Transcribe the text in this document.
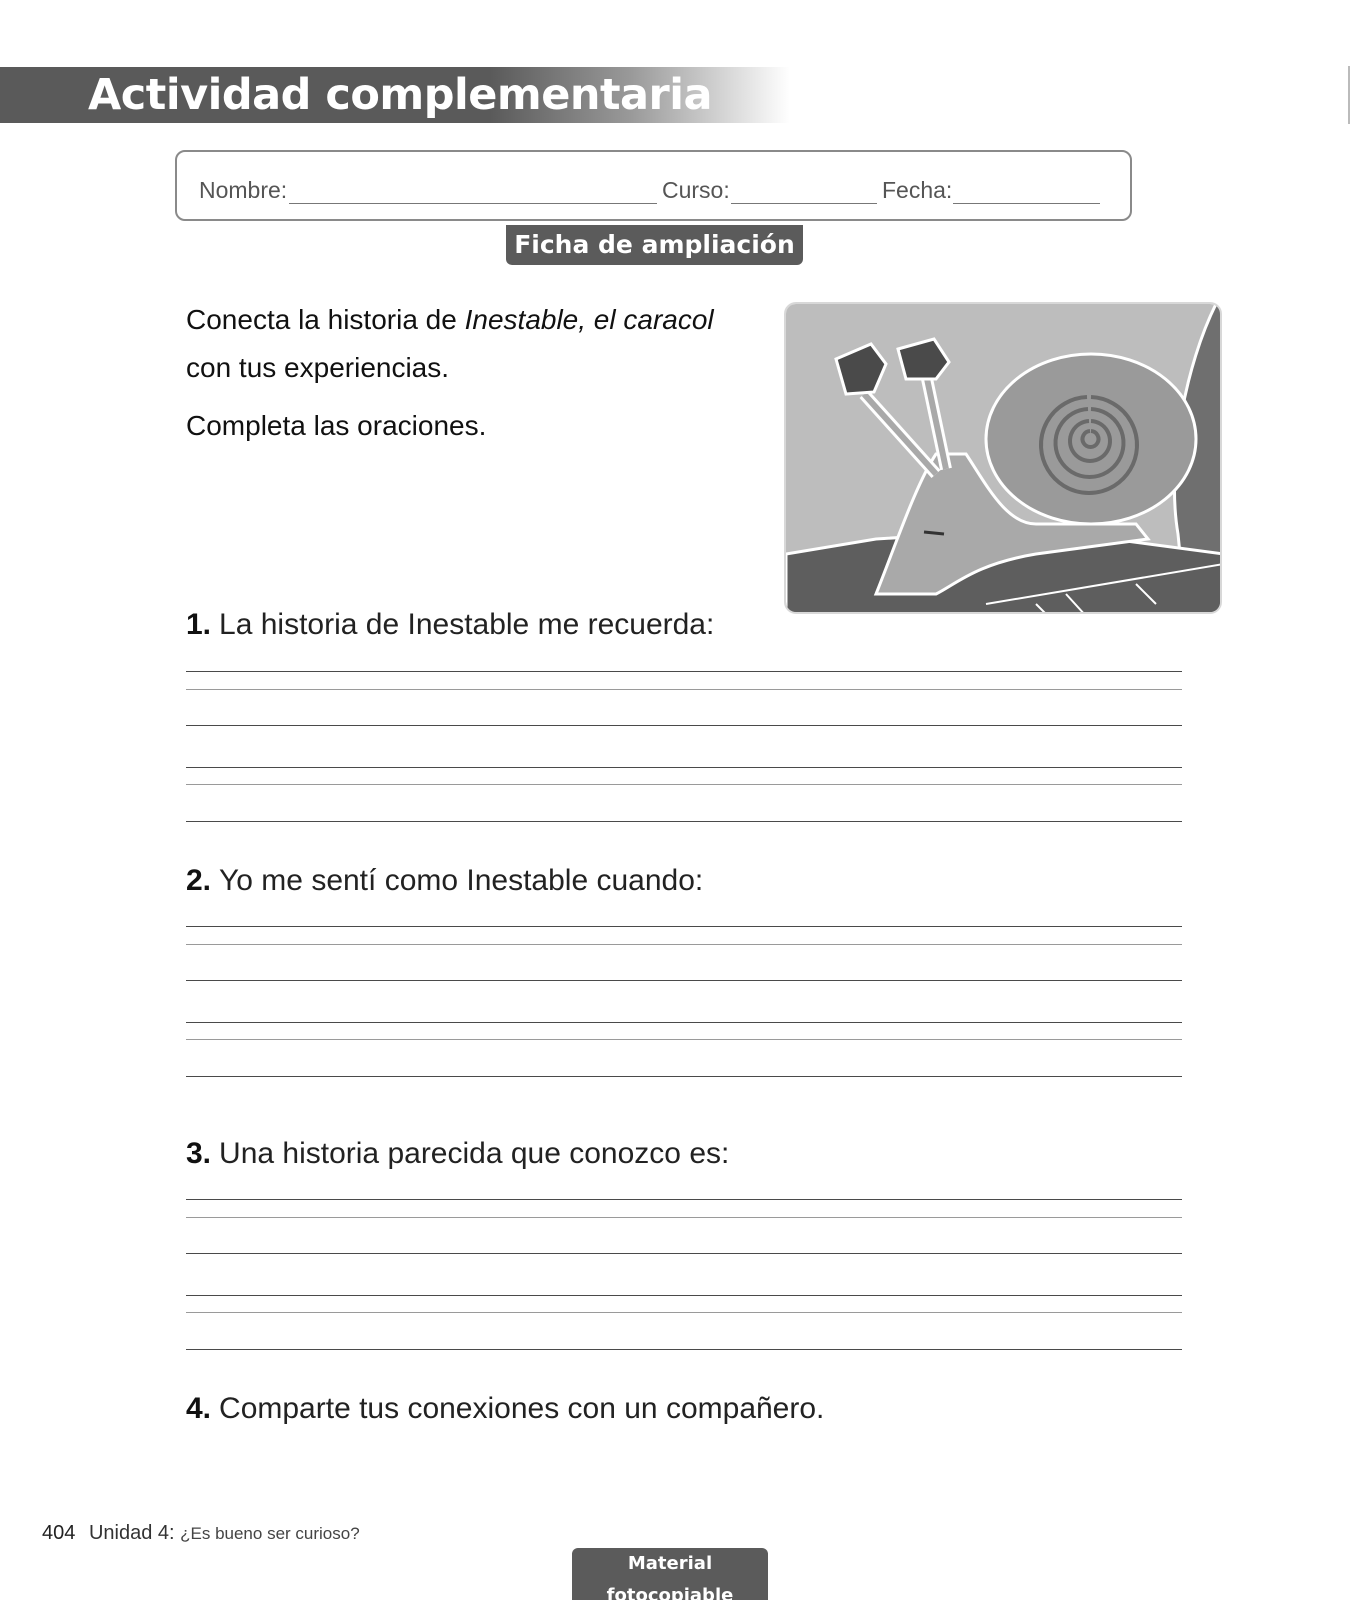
Actividad complementaria
Nombre:	Curso:	Fecha:
Ficha de ampliación 1
Conecta la historia de Inestable, el caracol
con tus experiencias.
Completa las oraciones.
1. La historia de Inestable me recuerda:
2. Yo me sentí como Inestable cuando:
3. Una historia parecida que conozco es:
4. Comparte tus conexiones con un compañero.
404 Unidad 4: ¿Es bueno ser curioso?
Material fotocopiable
